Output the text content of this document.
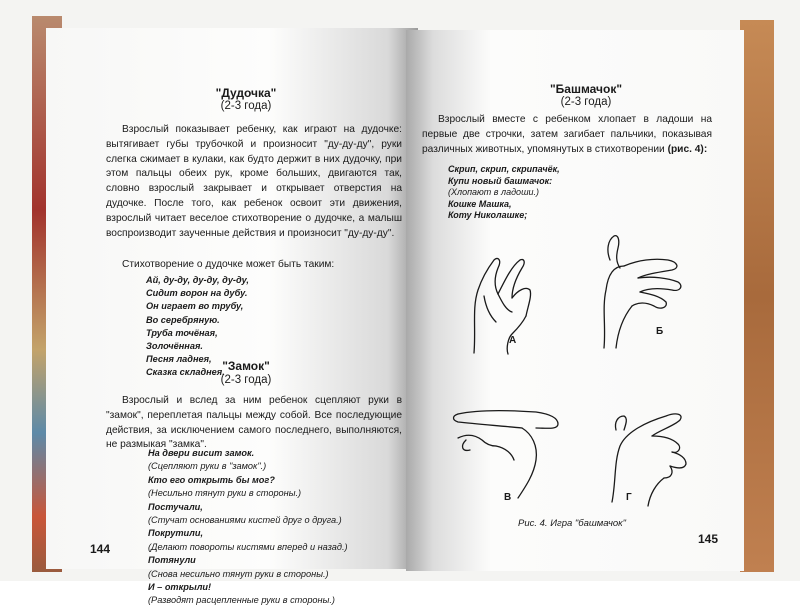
"Дудочка"
(2-3 года)
Взрослый показывает ребенку, как играют на дудочке: вытягивает губы трубочкой и произносит "ду-ду-ду", руки слегка сжимает в кулаки, как будто держит в них дудочку, при этом пальцы обеих рук, кроме больших, двигаются так, словно взрослый закрывает и открывает отверстия на дудочке. После того, как ребенок освоит эти движения, взрослый читает веселое стихотворение о дудочке, а малыш воспроизводит заученные действия и произносит "ду-ду-ду".
Стихотворение о дудочке может быть таким:
Ай, ду-ду, ду-ду, ду-ду,
Сидит ворон на дубу.
Он играет во трубу,
Во серебряную.
Труба точёная,
Золочённая.
Песня ладнея,
Сказка складнея.
"Замок"
(2-3 года)
Взрослый и вслед за ним ребенок сцепляют руки в "замок", переплетая пальцы между собой. Все последующие действия, за исключением самого последнего, выполняются, не размыкая "замка".
На двери висит замок.
(Сцепляют руки в "замок".)
Кто его открыть бы мог?
(Несильно тянут руки в стороны.)
Постучали,
(Стучат основаниями кистей друг о друга.)
Покрутили,
(Делают повороты кистями вперед и назад.)
Потянули
(Снова несильно тянут руки в стороны.)
И – открыли!
(Разводят расцепленные руки в стороны.)
144
"Башмачок"
(2-3 года)
Взрослый вместе с ребенком хлопает в ладоши на первые две строчки, затем загибает пальчики, показывая различных животных, упомянутых в стихотворении (рис. 4):
Скрип, скрип, скрипачёк,
Купи новый башмачок:
(Хлопают в ладоши.)
Кошке Машка,
Коту Николашке;
А
Б
В	Г
Рис. 4. Игра "башмачок"
145
